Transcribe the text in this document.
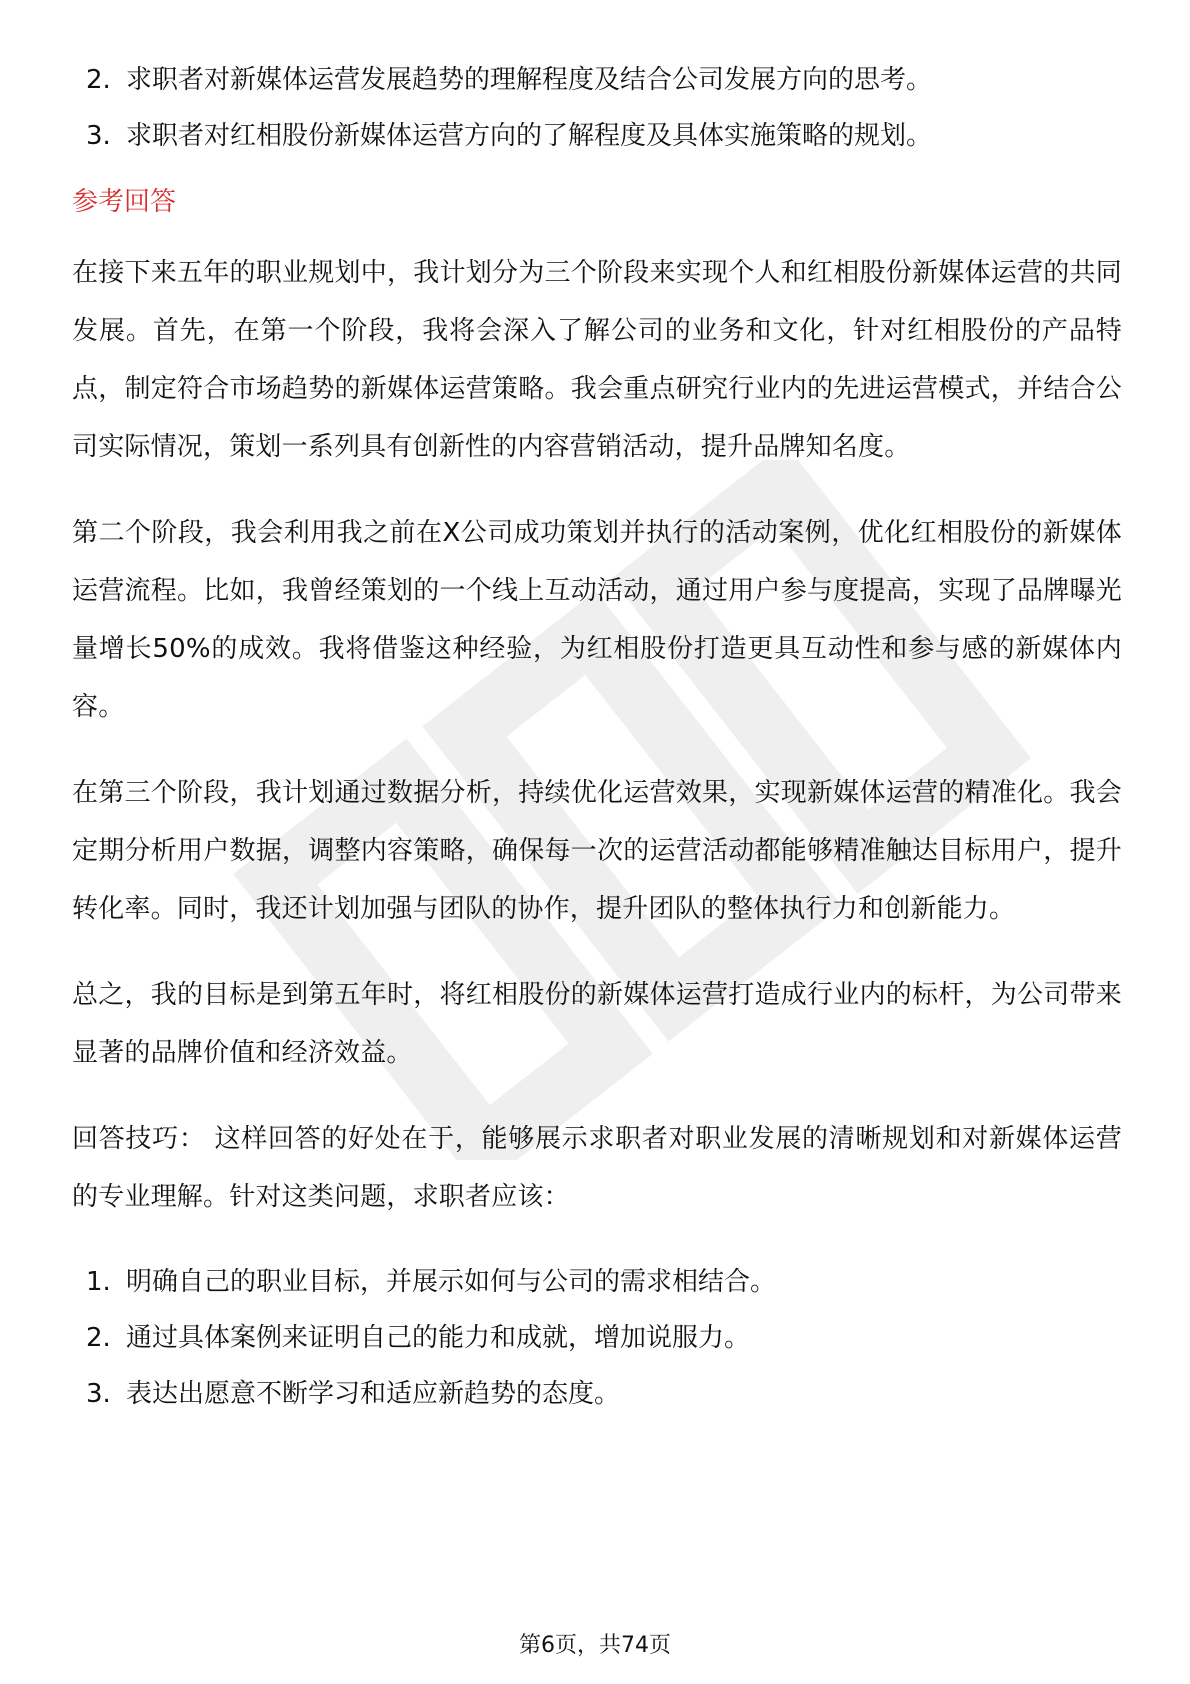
2. 求职者对新媒体运营发展趋势的理解程度及结合公司发展方向的思考。
3. 求职者对红相股份新媒体运营方向的了解程度及具体实施策略的规划。
参考回答

在接下来五年的职业规划中，我计划分为三个阶段来实现个人和红相股份新媒体运营的共同发展。首先，在第一个阶段，我将会深入了解公司的业务和文化，针对红相股份的产品特点，制定符合市场趋势的新媒体运营策略。我会重点研究行业内的先进运营模式，并结合公司实际情况，策划一系列具有创新性的内容营销活动，提升品牌知名度。

第二个阶段，我会利用我之前在X公司成功策划并执行的活动案例，优化红相股份的新媒体运营流程。比如，我曾经策划的一个线上互动活动，通过用户参与度提高，实现了品牌曝光量增长50%的成效。我将借鉴这种经验，为红相股份打造更具互动性和参与感的新媒体内容。

在第三个阶段，我计划通过数据分析，持续优化运营效果，实现新媒体运营的精准化。我会定期分析用户数据，调整内容策略，确保每一次的运营活动都能够精准触达目标用户，提升转化率。同时，我还计划加强与团队的协作，提升团队的整体执行力和创新能力。

总之，我的目标是到第五年时，将红相股份的新媒体运营打造成行业内的标杆，为公司带来显著的品牌价值和经济效益。

回答技巧： 这样回答的好处在于，能够展示求职者对职业发展的清晰规划和对新媒体运营的专业理解。针对这类问题，求职者应该：

1. 明确自己的职业目标，并展示如何与公司的需求相结合。
2. 通过具体案例来证明自己的能力和成就，增加说服力。
3. 表达出愿意不断学习和适应新趋势的态度。
第6页，共74页
